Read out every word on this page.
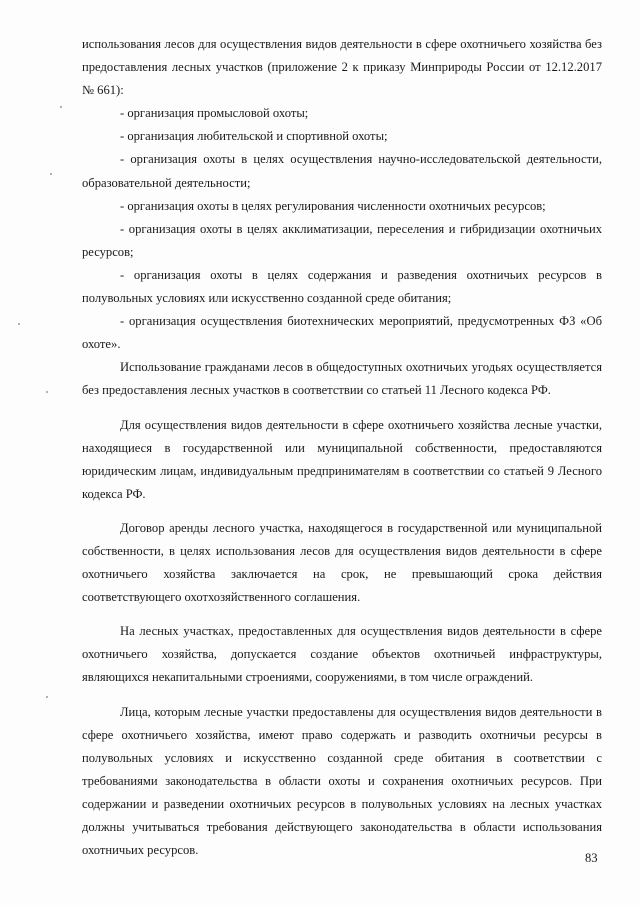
использования лесов для осуществления видов деятельности в сфере охотничьего хозяйства без предоставления лесных участков (приложение 2 к приказу Минприроды России от 12.12.2017 № 661):

- организация промысловой охоты;

- организация любительской и спортивной охоты;

- организация охоты в целях осуществления научно-исследовательской деятельности, образовательной деятельности;

- организация охоты в целях регулирования численности охотничьих ресурсов;

- организация охоты в целях акклиматизации, переселения и гибридизации охотничьих ресурсов;

- организация охоты в целях содержания и разведения охотничьих ресурсов в полувольных условиях или искусственно созданной среде обитания;

- организация осуществления биотехнических мероприятий, предусмотренных ФЗ «Об охоте».

Использование гражданами лесов в общедоступных охотничьих угодьях осуществляется без предоставления лесных участков в соответствии со статьей 11 Лесного кодекса РФ.

Для осуществления видов деятельности в сфере охотничьего хозяйства лесные участки, находящиеся в государственной или муниципальной собственности, предоставляются юридическим лицам, индивидуальным предпринимателям в соответствии со статьей 9 Лесного кодекса РФ.

Договор аренды лесного участка, находящегося в государственной или муниципальной собственности, в целях использования лесов для осуществления видов деятельности в сфере охотничьего хозяйства заключается на срок, не превышающий срока действия соответствующего охотхозяйственного соглашения.

На лесных участках, предоставленных для осуществления видов деятельности в сфере охотничьего хозяйства, допускается создание объектов охотничьей инфраструктуры, являющихся некапитальными строениями, сооружениями, в том числе ограждений.

Лица, которым лесные участки предоставлены для осуществления видов деятельности в сфере охотничьего хозяйства, имеют право содержать и разводить охотничьи ресурсы в полувольных условиях и искусственно созданной среде обитания в соответствии с требованиями законодательства в области охоты и сохранения охотничьих ресурсов. При содержании и разведении охотничьих ресурсов в полувольных условиях на лесных участках должны учитываться требования действующего законодательства в области использования охотничьих ресурсов.

83
